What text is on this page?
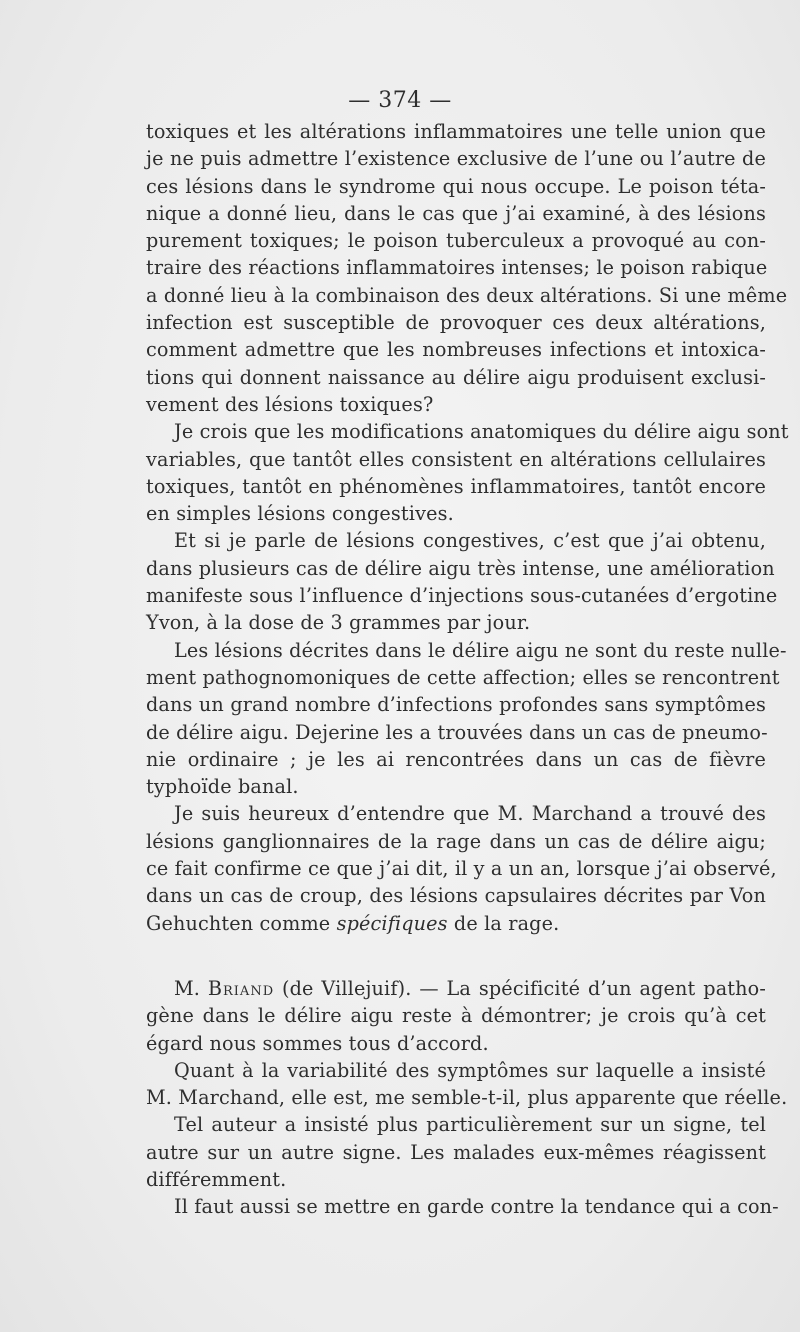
— 374 —
toxiques et les altérations inflammatoires une telle union que
je ne puis admettre l’existence exclusive de l’une ou l’autre de
ces lésions dans le syndrome qui nous occupe. Le poison téta-
nique a donné lieu, dans le cas que j’ai examiné, à des lésions
purement toxiques; le poison tuberculeux a provoqué au con-
traire des réactions inflammatoires intenses; le poison rabique
a donné lieu à la combinaison des deux altérations. Si une même
infection est susceptible de provoquer ces deux altérations,
comment admettre que les nombreuses infections et intoxica-
tions qui donnent naissance au délire aigu produisent exclusi-
vement des lésions toxiques?
Je crois que les modifications anatomiques du délire aigu sont
variables, que tantôt elles consistent en altérations cellulaires
toxiques, tantôt en phénomènes inflammatoires, tantôt encore
en simples lésions congestives.
Et si je parle de lésions congestives, c’est que j’ai obtenu,
dans plusieurs cas de délire aigu très intense, une amélioration
manifeste sous l’influence d’injections sous-cutanées d’ergotine
Yvon, à la dose de 3 grammes par jour.
Les lésions décrites dans le délire aigu ne sont du reste nulle-
ment pathognomoniques de cette affection; elles se rencontrent
dans un grand nombre d’infections profondes sans symptômes
de délire aigu. Dejerine les a trouvées dans un cas de pneumo-
nie ordinaire ; je les ai rencontrées dans un cas de fièvre
typhoïde banal.
Je suis heureux d’entendre que M. Marchand a trouvé des
lésions ganglionnaires de la rage dans un cas de délire aigu;
ce fait confirme ce que j’ai dit, il y a un an, lorsque j’ai observé,
dans un cas de croup, des lésions capsulaires décrites par Von
Gehuchten comme spécifiques de la rage.
M. Briand (de Villejuif). — La spécificité d’un agent patho-
gène dans le délire aigu reste à démontrer; je crois qu’à cet
égard nous sommes tous d’accord.
Quant à la variabilité des symptômes sur laquelle a insisté
M. Marchand, elle est, me semble-t-il, plus apparente que réelle.
Tel auteur a insisté plus particulièrement sur un signe, tel
autre sur un autre signe. Les malades eux-mêmes réagissent
différemment.
Il faut aussi se mettre en garde contre la tendance qui a con-
